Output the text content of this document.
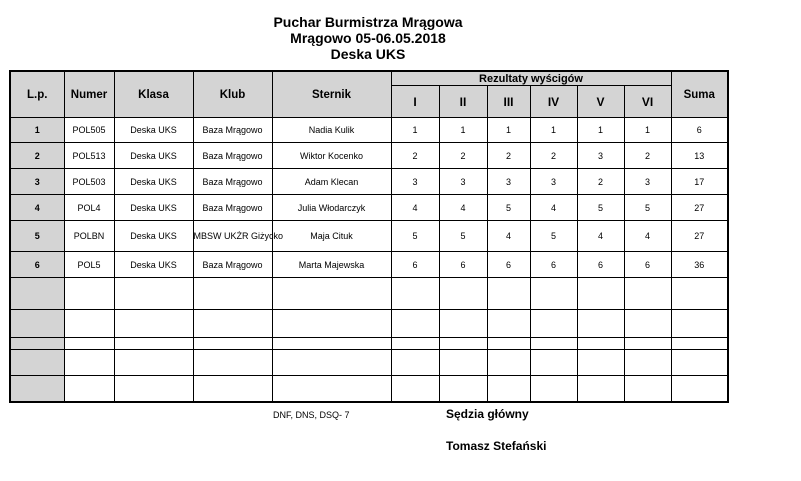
Puchar Burmistrza Mrągowa
Mrągowo 05-06.05.2018
Deska UKS
L.p.	Numer	Klasa	Klub	Sternik	Rezultaty wyścigów						Suma
					I	II	III	IV	V	VI	
1	POL505	Deska UKS	Baza Mrągowo	Nadia Kulik	1	1	1	1	1	1	6
2	POL513	Deska UKS	Baza Mrągowo	Wiktor Kocenko	2	2	2	2	3	2	13
3	POL503	Deska UKS	Baza Mrągowo	Adam Klecan	3	3	3	3	2	3	17
4	POL4	Deska UKS	Baza Mrągowo	Julia Włodarczyk	4	4	5	4	5	5	27
5	POLBN	Deska UKS	MBSW UKŻR Giżycko	Maja Cituk	5	5	4	5	4	4	27
6	POL5	Deska UKS	Baza Mrągowo	Marta Majewska	6	6	6	6	6	6	36

DNF, DNS, DSQ- 7	Sędzia główny
Tomasz Stefański
